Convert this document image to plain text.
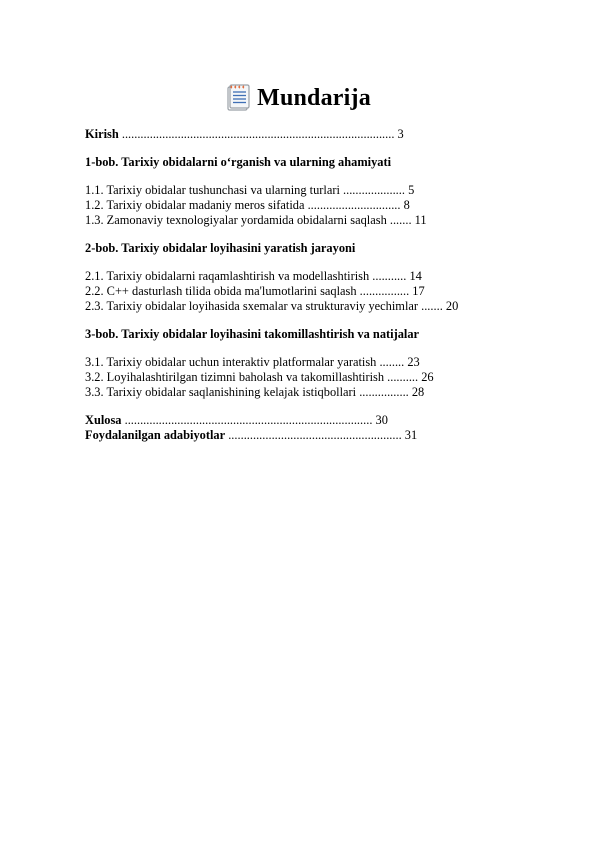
Mundarija
Kirish ........................................................................................ 3
1-bob. Tarixiy obidalarni o‘rganish va ularning ahamiyati
1.1. Tarixiy obidalar tushunchasi va ularning turlari .................... 5
1.2. Tarixiy obidalar madaniy meros sifatida .............................. 8
1.3. Zamonaviy texnologiyalar yordamida obidalarni saqlash ....... 11
2-bob. Tarixiy obidalar loyihasini yaratish jarayoni
2.1. Tarixiy obidalarni raqamlashtirish va modellashtirish ........... 14
2.2. C++ dasturlash tilida obida ma'lumotlarini saqlash ................ 17
2.3. Tarixiy obidalar loyihasida sxemalar va strukturaviy yechimlar ....... 20
3-bob. Tarixiy obidalar loyihasini takomillashtirish va natijalar
3.1. Tarixiy obidalar uchun interaktiv platformalar yaratish ........ 23
3.2. Loyihalashtirilgan tizimni baholash va takomillashtirish .......... 26
3.3. Tarixiy obidalar saqlanishining kelajak istiqbollari ................ 28
Xulosa ................................................................................ 30
Foydalanilgan adabiyotlar ........................................................ 31
